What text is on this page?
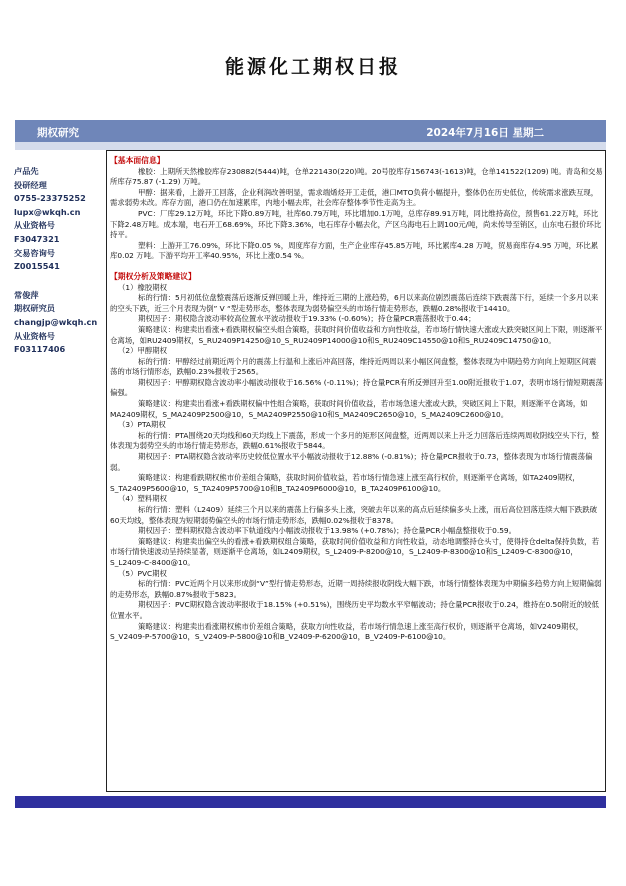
能源化工期权日报
期权研究	2024年7月16日 星期二
卢品先
投研经理
0755-23375252
lupx@wkqh.cn
从业资格号
F3047321
交易咨询号
Z0015541
常俊萍
期权研究员
changjp@wkqh.cn
从业资格号
F03117406

【基本面信息】

橡胶：上期所天然橡胶库存230882(5444)吨，仓单221430(220)吨。20号胶库存156743(-1613)吨，仓单141522(1209) 吨。青岛和交易所库存75.87 (-1.29) 万吨。

甲醇：据来看，上游开工回落，企业利润改善明显，需求端烯烃开工走低，港口MTO负荷小幅提升，整体仍在历史低位，传统需求涨跌互现，需求弱势未改。库存方面，港口仍在加速累库，内地小幅去库，社会库存整体季节性走高为主。

PVC：厂库29.12万吨，环比下降0.89万吨，社库60.79万吨，环比增加0.1万吨，总库存89.91万吨，同比维持高位，预售61.22万吨，环比下降2.48万吨。成本端，电石开工68.69%，环比下降3.36%，电石库存小幅去化，产区乌海电石上调100元/吨，尚未传导至销区，山东电石报价环比持平。

塑料：上游开工76.09%，环比下降0.05 %，周度库存方面，生产企业库存45.85万吨，环比累库4.28 万吨，贸易商库存4.95 万吨，环比累库0.02 万吨。下游平均开工率40.95%，环比上涨0.54 %。

【期权分析及策略建议】

（1）橡胶期权

标的行情：5月初低位盘整震荡后逐渐反弹回暖上升，维持近三期的上涨趋势，6月以来高位剧烈震荡后连续下跌震荡下行，延续一个多月以来的空头下跌，近三个月表现为倒” V “型走势形态，整体表现为弱势偏空头的市场行情走势形态，跌幅0.28%报收于14410。

期权因子：期权隐含波动率较高位置水平波动报收于19.33% (-0.60%)；持仓量PCR震荡报收于0.44；

策略建议：构建卖出看涨+看跌期权偏空头组合策略，获取时间价值收益和方向性收益，若市场行情快速大涨或大跌突破区间上下限，则逐渐平仓离场，如RU2409期权，S_RU2409P14250@10_S_RU2409P14000@10和S_RU2409C14550@10和S_RU2409C14750@10。

（2）甲醇期权

标的行情：甲醇经过前期近两个月的震荡上行温和上涨后冲高回落，维持近两周以来小幅区间盘整，整体表现为中期趋势方向向上短期区间震荡的市场行情形态，跌幅0.23%报收于2565。

期权因子：甲醇期权隐含波动率小幅波动报收于16.56% (-0.11%)；持仓量PCR有所反弹回升至1.00附近报收于1.07，表明市场行情短期震荡偏强。

策略建议：构建卖出看涨+看跌期权偏中性组合策略，获取时间价值收益，若市场急速大涨或大跌，突破区间上下限，则逐渐平仓离场，如MA2409期权，S_MA2409P2500@10，S_MA2409P2550@10和S_MA2409C2650@10，S_MA2409C2600@10。

（3）PTA期权

标的行情：PTA围绕20天均线和60天均线上下震荡，形成一个多月的矩形区间盘整，近两周以来上升乏力回落后连续两周收阴线空头下行，整体表现为弱势空头的市场行情走势形态，跌幅0.61%报收于5844。

期权因子：PTA期权隐含波动率历史较低位置水平小幅波动报收于12.88% (-0.81%)；持仓量PCR报收于0.73，整体表现为市场行情震荡偏弱。

策略建议：构建看跌期权熊市价差组合策略，获取时间价值收益，若市场行情急速上涨至高行权价，则逐渐平仓离场，如TA2409期权，S_TA2409P5600@10，S_TA2409P5700@10和B_TA2409P6000@10，B_TA2409P6100@10。

（4）塑料期权

标的行情：塑料（L2409）延续三个月以来的震荡上行偏多头上涨，突破去年以来的高点后延续偏多头上涨，而后高位回落连续大幅下跌跌破60天均线，整体表现为短期弱势偏空头的市场行情走势形态，跌幅0.02%报收于8378。

期权因子：塑料期权隐含波动率下轨道线内小幅波动报收于13.98% (+0.78%)；持仓量PCR小幅盘整报收于0.59。

策略建议：构建卖出偏空头的看涨+看跌期权组合策略，获取时间价值收益和方向性收益，动态地调整持仓头寸，使得持仓delta保持负数，若市场行情快速波动呈持续显著，则逐渐平仓离场，如L2409期权，S_L2409-P-8200@10，S_L2409-P-8300@10和S_L2409-C-8300@10，S_L2409-C-8400@10。

（5）PVC期权

标的行情：PVC近两个月以来形成倒“V”型行情走势形态，近期一周持续报收阴线大幅下跌，市场行情整体表现为中期偏多趋势方向上短期偏弱的走势形态，跌幅0.87%报收于5823。

期权因子：PVC期权隐含波动率报收于18.15% (+0.51%)，围绕历史平均数水平窄幅波动；持仓量PCR报收于0.24，维持在0.50附近的较低位置水平。

策略建议：构建卖出看涨期权熊市价差组合策略，获取方向性收益，若市场行情急速上涨至高行权价，则逐渐平仓离场，如V2409期权，S_V2409-P-5700@10，S_V2409-P-5800@10和B_V2409-P-6200@10，B_V2409-P-6100@10。
